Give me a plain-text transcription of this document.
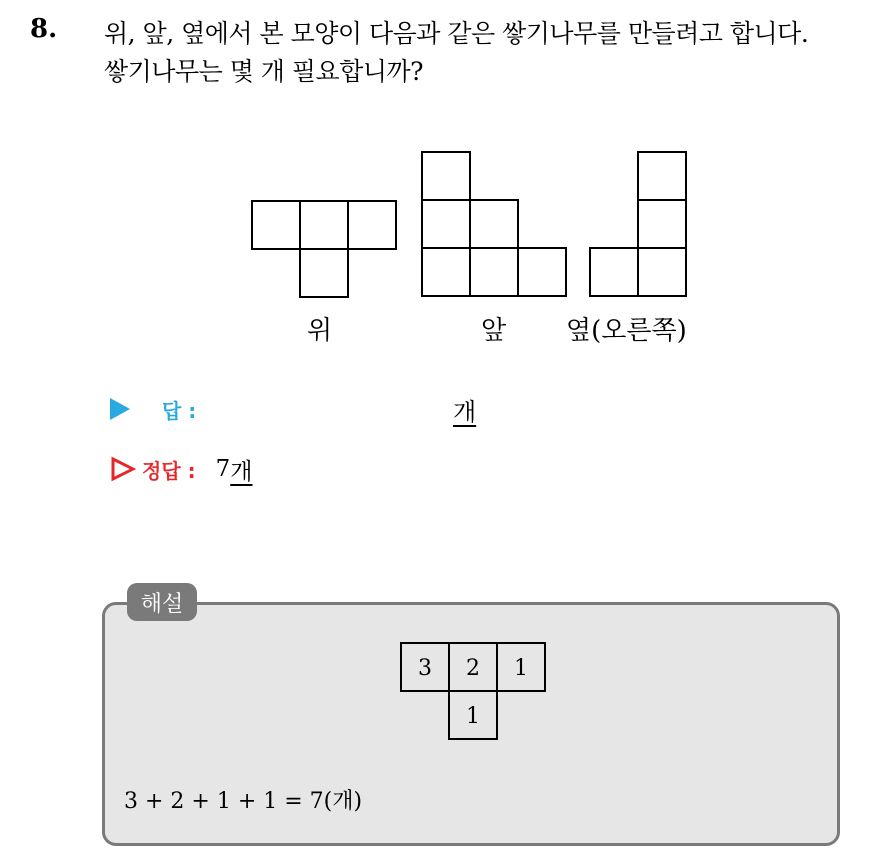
8. 위, 앞, 옆에서 본 모양이 다음과 같은 쌓기나무를 만들려고 합니다.
쌓기나무는 몇 개 필요합니까?
위	앞 옆(오른쪽)
답 :	개
정답 : 7 개
해설
3 2 1
1
3 + 2 + 1 + 1 = 7(개)
